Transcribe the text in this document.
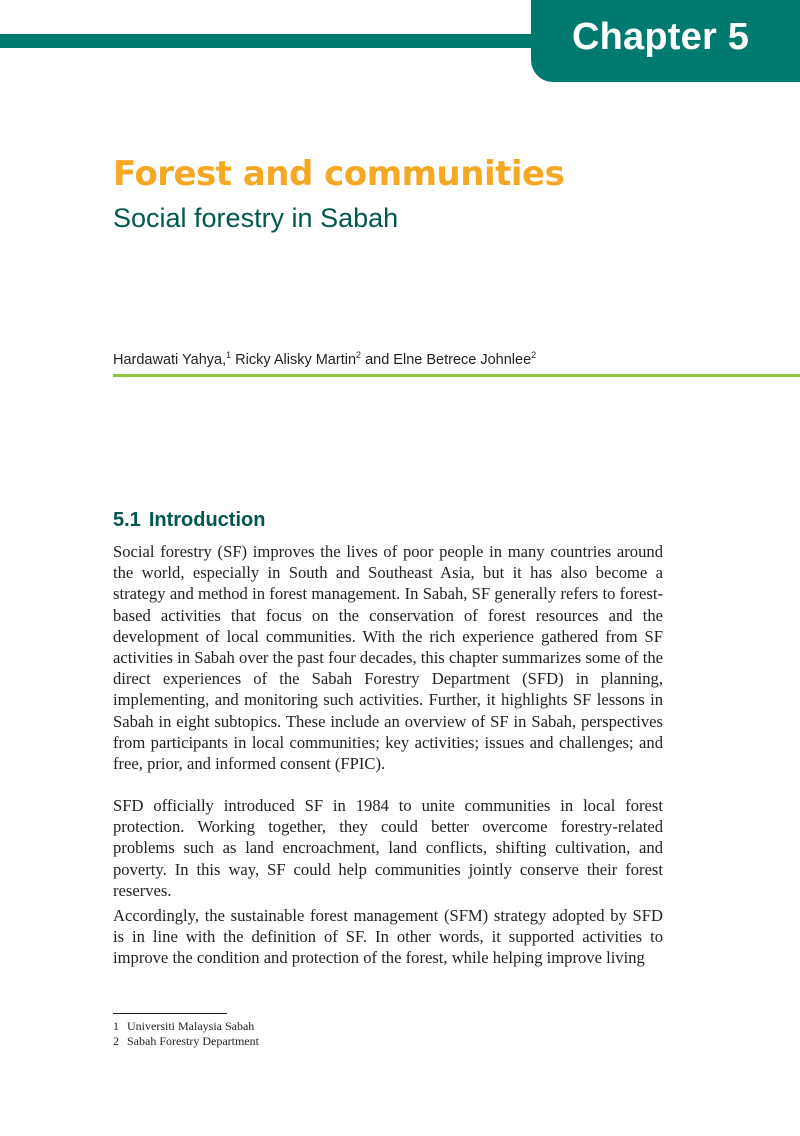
Chapter 5
Forest and communities
Social forestry in Sabah
Hardawati Yahya,$^1$ Ricky Alisky Martin$^2$ and Elne Betrece Johnlee$^2$
5.1 Introduction

Social forestry (SF) improves the lives of poor people in many countries around the world, especially in South and Southeast Asia, but it has also become a strategy and method in forest management. In Sabah, SF generally refers to forest-based activities that focus on the conservation of forest resources and the development of local communities. With the rich experience gathered from SF activities in Sabah over the past four decades, this chapter summarizes some of the direct experiences of the Sabah Forestry Department (SFD) in planning, implementing, and monitoring such activities. Further, it highlights SF lessons in Sabah in eight subtopics. These include an overview of SF in Sabah, perspectives from participants in local communities; key activities; issues and challenges; and free, prior, and informed consent (FPIC).

SFD officially introduced SF in 1984 to unite communities in local forest protection. Working together, they could better overcome forestry-related problems such as land encroachment, land conflicts, shifting cultivation, and poverty. In this way, SF could help communities jointly conserve their forest reserves.

Accordingly, the sustainable forest management (SFM) strategy adopted by SFD is in line with the definition of SF. In other words, it supported activities to improve the condition and protection of the forest, while helping improve living

1 Universiti Malaysia Sabah
2 Sabah Forestry Department
